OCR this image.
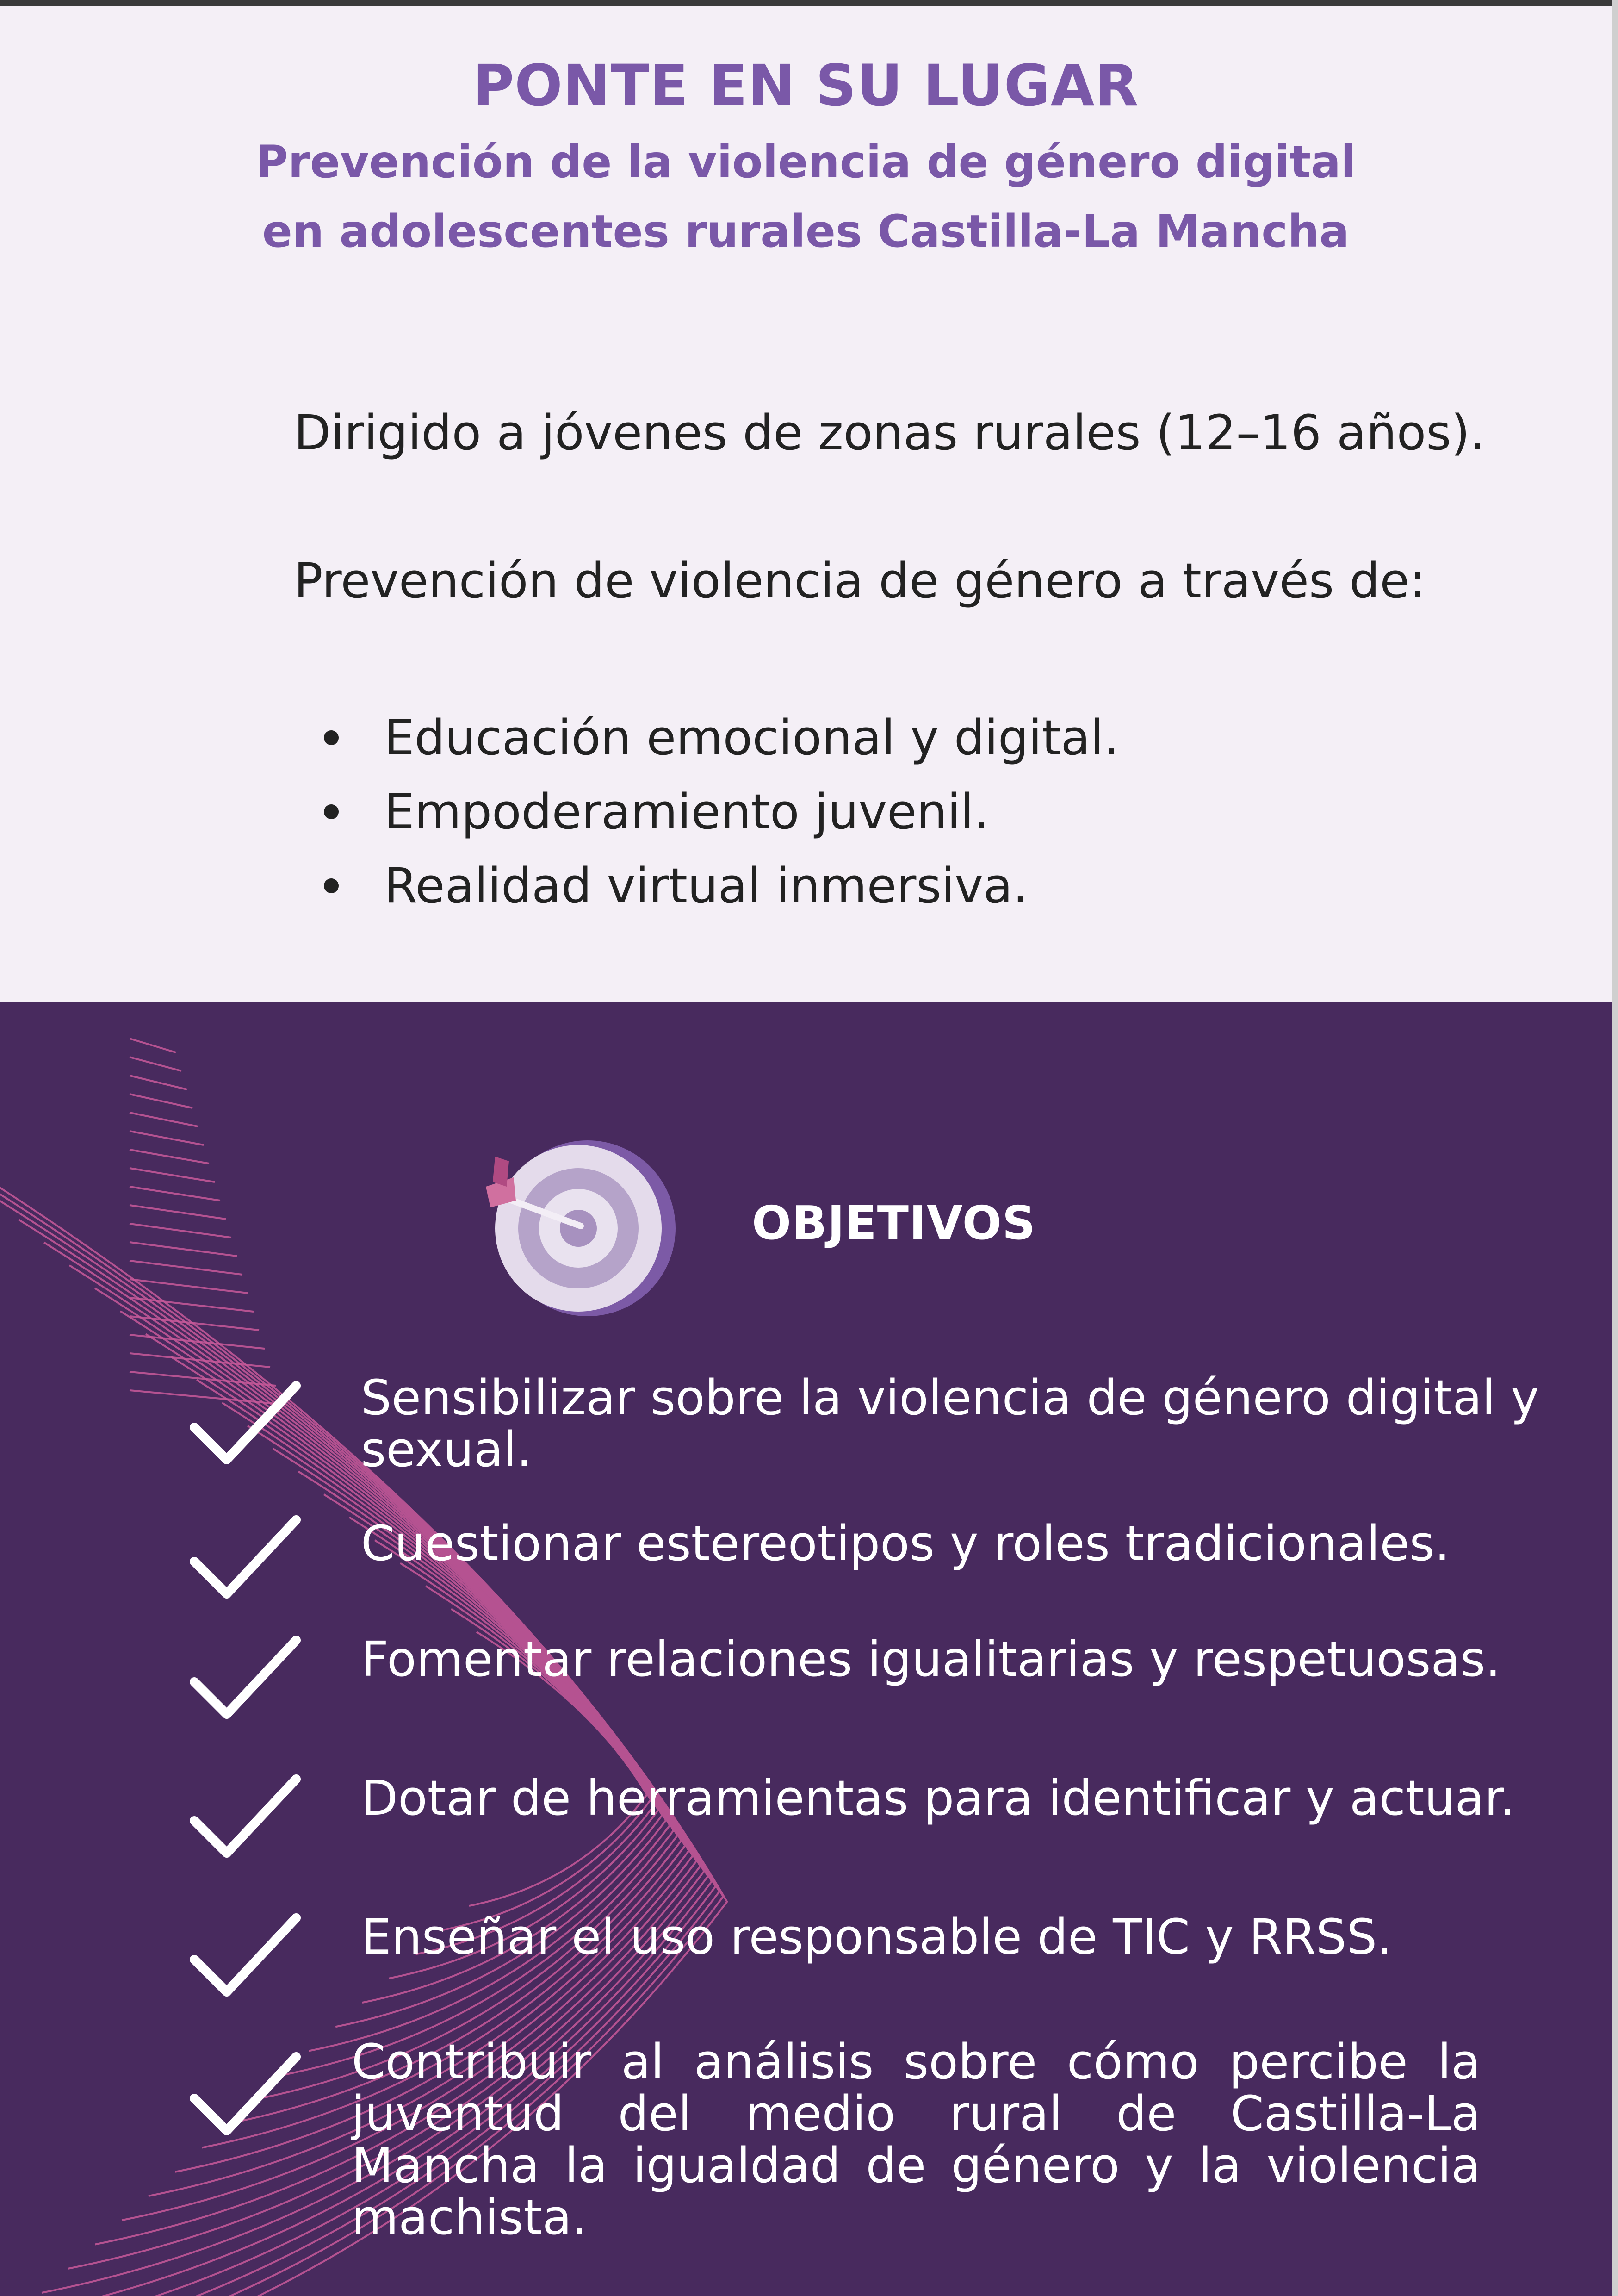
PONTE EN SU LUGAR
Prevención de la violencia de género digital
en adolescentes rurales Castilla-La Mancha

Dirigido a jóvenes de zonas rurales (12–16 años).

Prevención de violencia de género a través de:

Educación emocional y digital.
Empoderamiento juvenil.
Realidad virtual inmersiva.
OBJETIVOS

Sensibilizar sobre la violencia de género digital y sexual.

Cuestionar estereotipos y roles tradicionales.

Fomentar relaciones igualitarias y respetuosas.

Dotar de herramientas para identificar y actuar.

Enseñar el uso responsable de TIC y RRSS.

Contribuir al análisis sobre cómo percibe la juventud del medio rural de Castilla-La Mancha la igualdad de género y la violencia machista.
